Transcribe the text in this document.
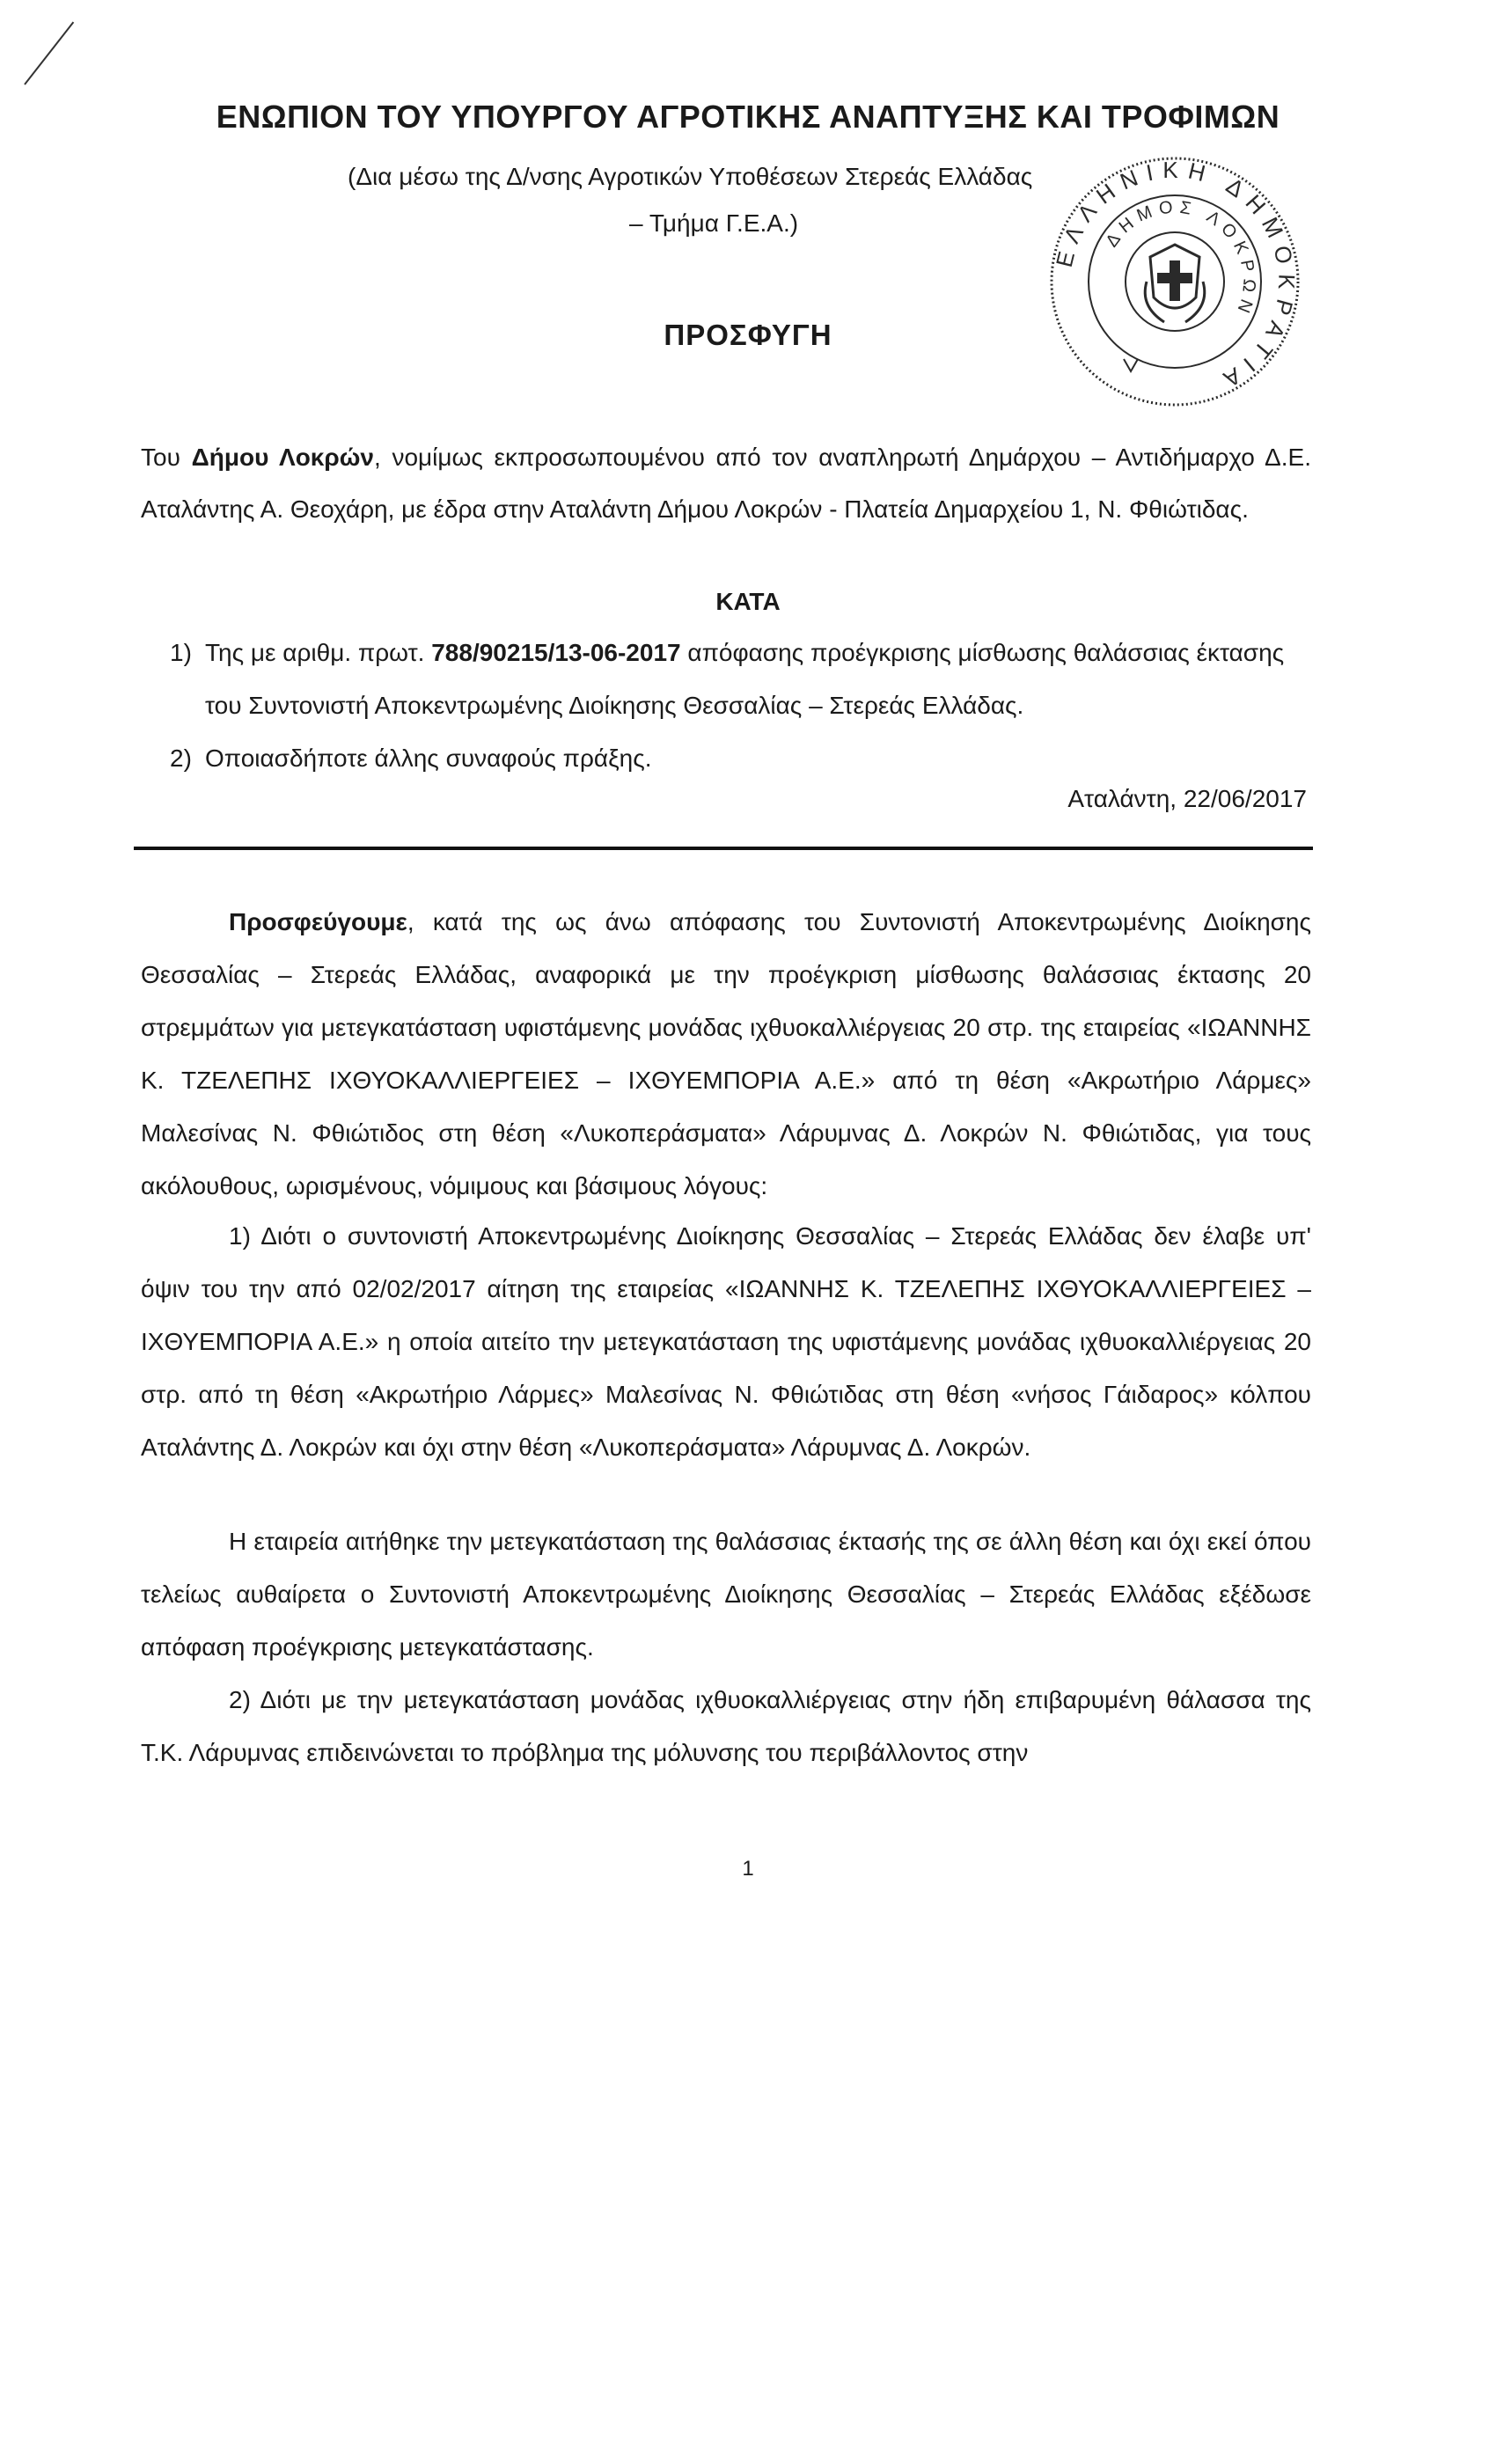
ΕΝΩΠΙΟΝ ΤΟΥ ΥΠΟΥΡΓΟΥ ΑΓΡΟΤΙΚΗΣ ΑΝΑΠΤΥΞΗΣ ΚΑΙ ΤΡΟΦΙΜΩΝ
(Δια μέσω της Δ/νσης Αγροτικών Υποθέσεων Στερεάς Ελλάδας
– Τμήμα Γ.Ε.Α.)
ΕΛΛΗΝΙΚΗ ΔΗΜΟΚΡΑΤΙΑ
ΔΗΜΟΣ ΛΟΚΡΩΝ
ΠΡΟΣΦΥΓΗ
Του Δήμου Λοκρών, νομίμως εκπροσωπουμένου από τον αναπληρωτή Δημάρχου – Αντιδήμαρχο Δ.Ε. Αταλάντης Α. Θεοχάρη, με έδρα στην Αταλάντη Δήμου Λοκρών - Πλατεία Δημαρχείου 1, Ν. Φθιώτιδας.
ΚΑΤΑ
1) Της με αριθμ. πρωτ. 788/90215/13-06-2017 απόφασης προέγκρισης μίσθωσης θαλάσσιας έκτασης του Συντονιστή Αποκεντρωμένης Διοίκησης Θεσσαλίας – Στερεάς Ελλάδας.
2) Οποιασδήποτε άλλης συναφούς πράξης.
Αταλάντη, 22/06/2017
Προσφεύγουμε, κατά της ως άνω απόφασης του Συντονιστή Αποκεντρωμένης Διοίκησης Θεσσαλίας – Στερεάς Ελλάδας, αναφορικά με την προέγκριση μίσθωσης θαλάσσιας έκτασης 20 στρεμμάτων για μετεγκατάσταση υφιστάμενης μονάδας ιχθυοκαλλιέργειας 20 στρ. της εταιρείας «ΙΩΑΝΝΗΣ Κ. ΤΖΕΛΕΠΗΣ ΙΧΘΥΟΚΑΛΛΙΕΡΓΕΙΕΣ – ΙΧΘΥΕΜΠΟΡΙΑ Α.Ε.» από τη θέση «Ακρωτήριο Λάρμες» Μαλεσίνας Ν. Φθιώτιδος στη θέση «Λυκοπεράσματα» Λάρυμνας Δ. Λοκρών Ν. Φθιώτιδας, για τους ακόλουθους, ωρισμένους, νόμιμους και βάσιμους λόγους:
1) Διότι ο συντονιστή Αποκεντρωμένης Διοίκησης Θεσσαλίας – Στερεάς Ελλάδας δεν έλαβε υπ' όψιν του την από 02/02/2017 αίτηση της εταιρείας «ΙΩΑΝΝΗΣ Κ. ΤΖΕΛΕΠΗΣ ΙΧΘΥΟΚΑΛΛΙΕΡΓΕΙΕΣ – ΙΧΘΥΕΜΠΟΡΙΑ Α.Ε.» η οποία αιτείτο την μετεγκατάσταση της υφιστάμενης μονάδας ιχθυοκαλλιέργειας 20 στρ. από τη θέση «Ακρωτήριο Λάρμες» Μαλεσίνας Ν. Φθιώτιδας στη θέση «νήσος Γάιδαρος» κόλπου Αταλάντης Δ. Λοκρών και όχι στην θέση «Λυκοπεράσματα» Λάρυμνας Δ. Λοκρών.
Η εταιρεία αιτήθηκε την μετεγκατάσταση της θαλάσσιας έκτασής της σε άλλη θέση και όχι εκεί όπου τελείως αυθαίρετα ο Συντονιστή Αποκεντρωμένης Διοίκησης Θεσσαλίας – Στερεάς Ελλάδας εξέδωσε απόφαση προέγκρισης μετεγκατάστασης.
2) Διότι με την μετεγκατάσταση μονάδας ιχθυοκαλλιέργειας στην ήδη επιβαρυμένη θάλασσα της Τ.Κ. Λάρυμνας επιδεινώνεται το πρόβλημα της μόλυνσης του περιβάλλοντος στην
1
